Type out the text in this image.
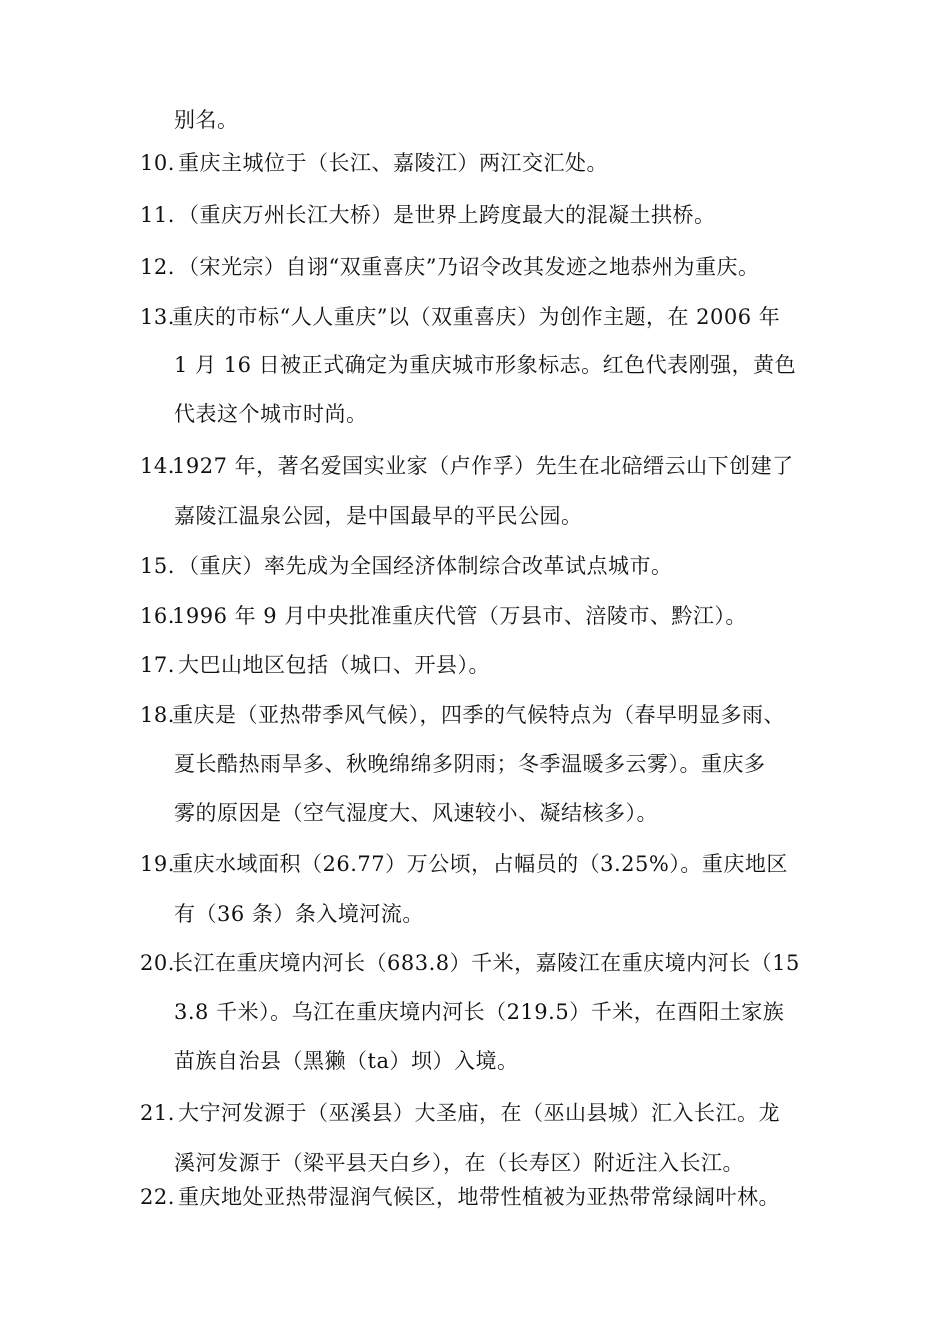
别名。
10. 重庆主城位于（长江、嘉陵江）两江交汇处。
11. （重庆万州长江大桥）是世界上跨度最大的混凝土拱桥。
12. （宋光宗）自诩“双重喜庆”乃诏令改其发迹之地恭州为重庆。
13.
重庆的市标“人人重庆”以（双重喜庆）为创作主题，在 2006 年
1 月 16 日被正式确定为重庆城市形象标志。红色代表刚强，黄色
代表这个城市时尚。
14.
1927 年，著名爱国实业家（卢作孚）先生在北碚缙云山下创建了
嘉陵江温泉公园，是中国最早的平民公园。
15. （重庆）率先成为全国经济体制综合改革试点城市。
16.
1996 年 9 月中央批准重庆代管（万县市、涪陵市、黔江）。
17. 大巴山地区包括（城口、开县）。
18.
重庆是（亚热带季风气候），四季的气候特点为（春早明显多雨、
夏长酷热雨旱多、秋晚绵绵多阴雨；冬季温暖多云雾）。重庆多
雾的原因是（空气湿度大、风速较小、凝结核多）。
19.
重庆水域面积（26.77）万公顷，占幅员的（3.25%）。重庆地区
有（36 条）条入境河流。
20.
长江在重庆境内河长（683.8）千米，嘉陵江在重庆境内河长（15
3.8 千米）。乌江在重庆境内河长（219.5）千米，在酉阳土家族
苗族自治县（黑獭（ta）坝）入境。
21. 大宁河发源于（巫溪县）大圣庙，在（巫山县城）汇入长江。龙
溪河发源于（梁平县天白乡），在（长寿区）附近注入长江。
22. 重庆地处亚热带湿润气候区，地带性植被为亚热带常绿阔叶林。
